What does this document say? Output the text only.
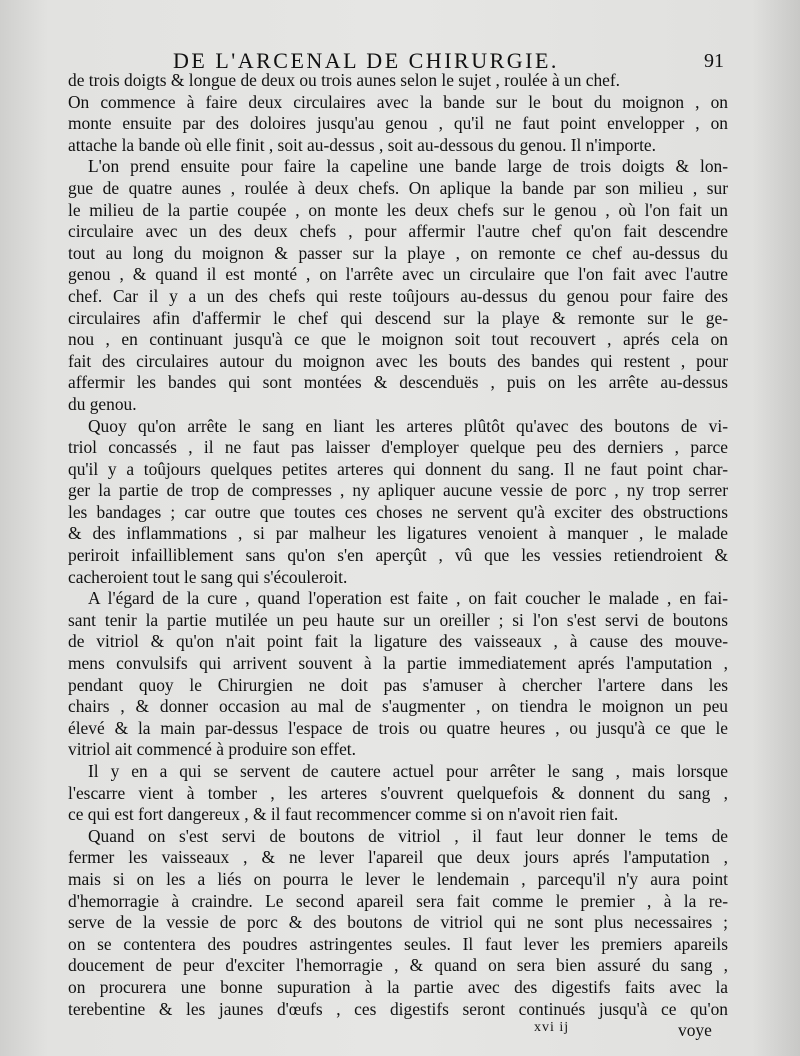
DE L'ARCENAL DE CHIRURGIE.	91
de trois doigts & longue de deux ou trois aunes selon le sujet , roulée à un chef.
On commence à faire deux circulaires avec la bande sur le bout du moignon , on
monte ensuite par des doloires jusqu'au genou , qu'il ne faut point envelopper , on
attache la bande où elle finit , soit au-dessus , soit au-dessous du genou. Il n'importe.
L'on prend ensuite pour faire la capeline une bande large de trois doigts & lon-
gue de quatre aunes , roulée à deux chefs. On aplique la bande par son milieu , sur
le milieu de la partie coupée , on monte les deux chefs sur le genou , où l'on fait un
circulaire avec un des deux chefs , pour affermir l'autre chef qu'on fait descendre
tout au long du moignon & passer sur la playe , on remonte ce chef au-dessus du
genou , & quand il est monté , on l'arrête avec un circulaire que l'on fait avec l'autre
chef. Car il y a un des chefs qui reste toûjours au-dessus du genou pour faire des
circulaires afin d'affermir le chef qui descend sur la playe & remonte sur le ge-
nou , en continuant jusqu'à ce que le moignon soit tout recouvert , aprés cela on
fait des circulaires autour du moignon avec les bouts des bandes qui restent , pour
affermir les bandes qui sont montées & descenduës , puis on les arrête au-dessus
du genou.
Quoy qu'on arrête le sang en liant les arteres plûtôt qu'avec des boutons de vi-
triol concassés , il ne faut pas laisser d'employer quelque peu des derniers , parce
qu'il y a toûjours quelques petites arteres qui donnent du sang. Il ne faut point char-
ger la partie de trop de compresses , ny apliquer aucune vessie de porc , ny trop serrer
les bandages ; car outre que toutes ces choses ne servent qu'à exciter des obstructions
& des inflammations , si par malheur les ligatures venoient à manquer , le malade
periroit infailliblement sans qu'on s'en aperçût , vû que les vessies retiendroient &
cacheroient tout le sang qui s'écouleroit.
A l'égard de la cure , quand l'operation est faite , on fait coucher le malade , en fai-
sant tenir la partie mutilée un peu haute sur un oreiller ; si l'on s'est servi de boutons
de vitriol & qu'on n'ait point fait la ligature des vaisseaux , à cause des mouve-
mens convulsifs qui arrivent souvent à la partie immediatement aprés l'amputation ,
pendant quoy le Chirurgien ne doit pas s'amuser à chercher l'artere dans les
chairs , & donner occasion au mal de s'augmenter , on tiendra le moignon un peu
élevé & la main par-dessus l'espace de trois ou quatre heures , ou jusqu'à ce que le
vitriol ait commencé à produire son effet.
Il y en a qui se servent de cautere actuel pour arrêter le sang , mais lorsque
l'escarre vient à tomber , les arteres s'ouvrent quelquefois & donnent du sang ,
ce qui est fort dangereux , & il faut recommencer comme si on n'avoit rien fait.
Quand on s'est servi de boutons de vitriol , il faut leur donner le tems de
fermer les vaisseaux , & ne lever l'apareil que deux jours aprés l'amputation ,
mais si on les a liés on pourra le lever le lendemain , parcequ'il n'y aura point
d'hemorragie à craindre. Le second apareil sera fait comme le premier , à la re-
serve de la vessie de porc & des boutons de vitriol qui ne sont plus necessaires ;
on se contentera des poudres astringentes seules. Il faut lever les premiers apareils
doucement de peur d'exciter l'hemorragie , & quand on sera bien assuré du sang ,
on procurera une bonne supuration à la partie avec des digestifs faits avec la
terebentine & les jaunes d'œufs , ces digestifs seront continués jusqu'à ce qu'on
xvi ij	voye
